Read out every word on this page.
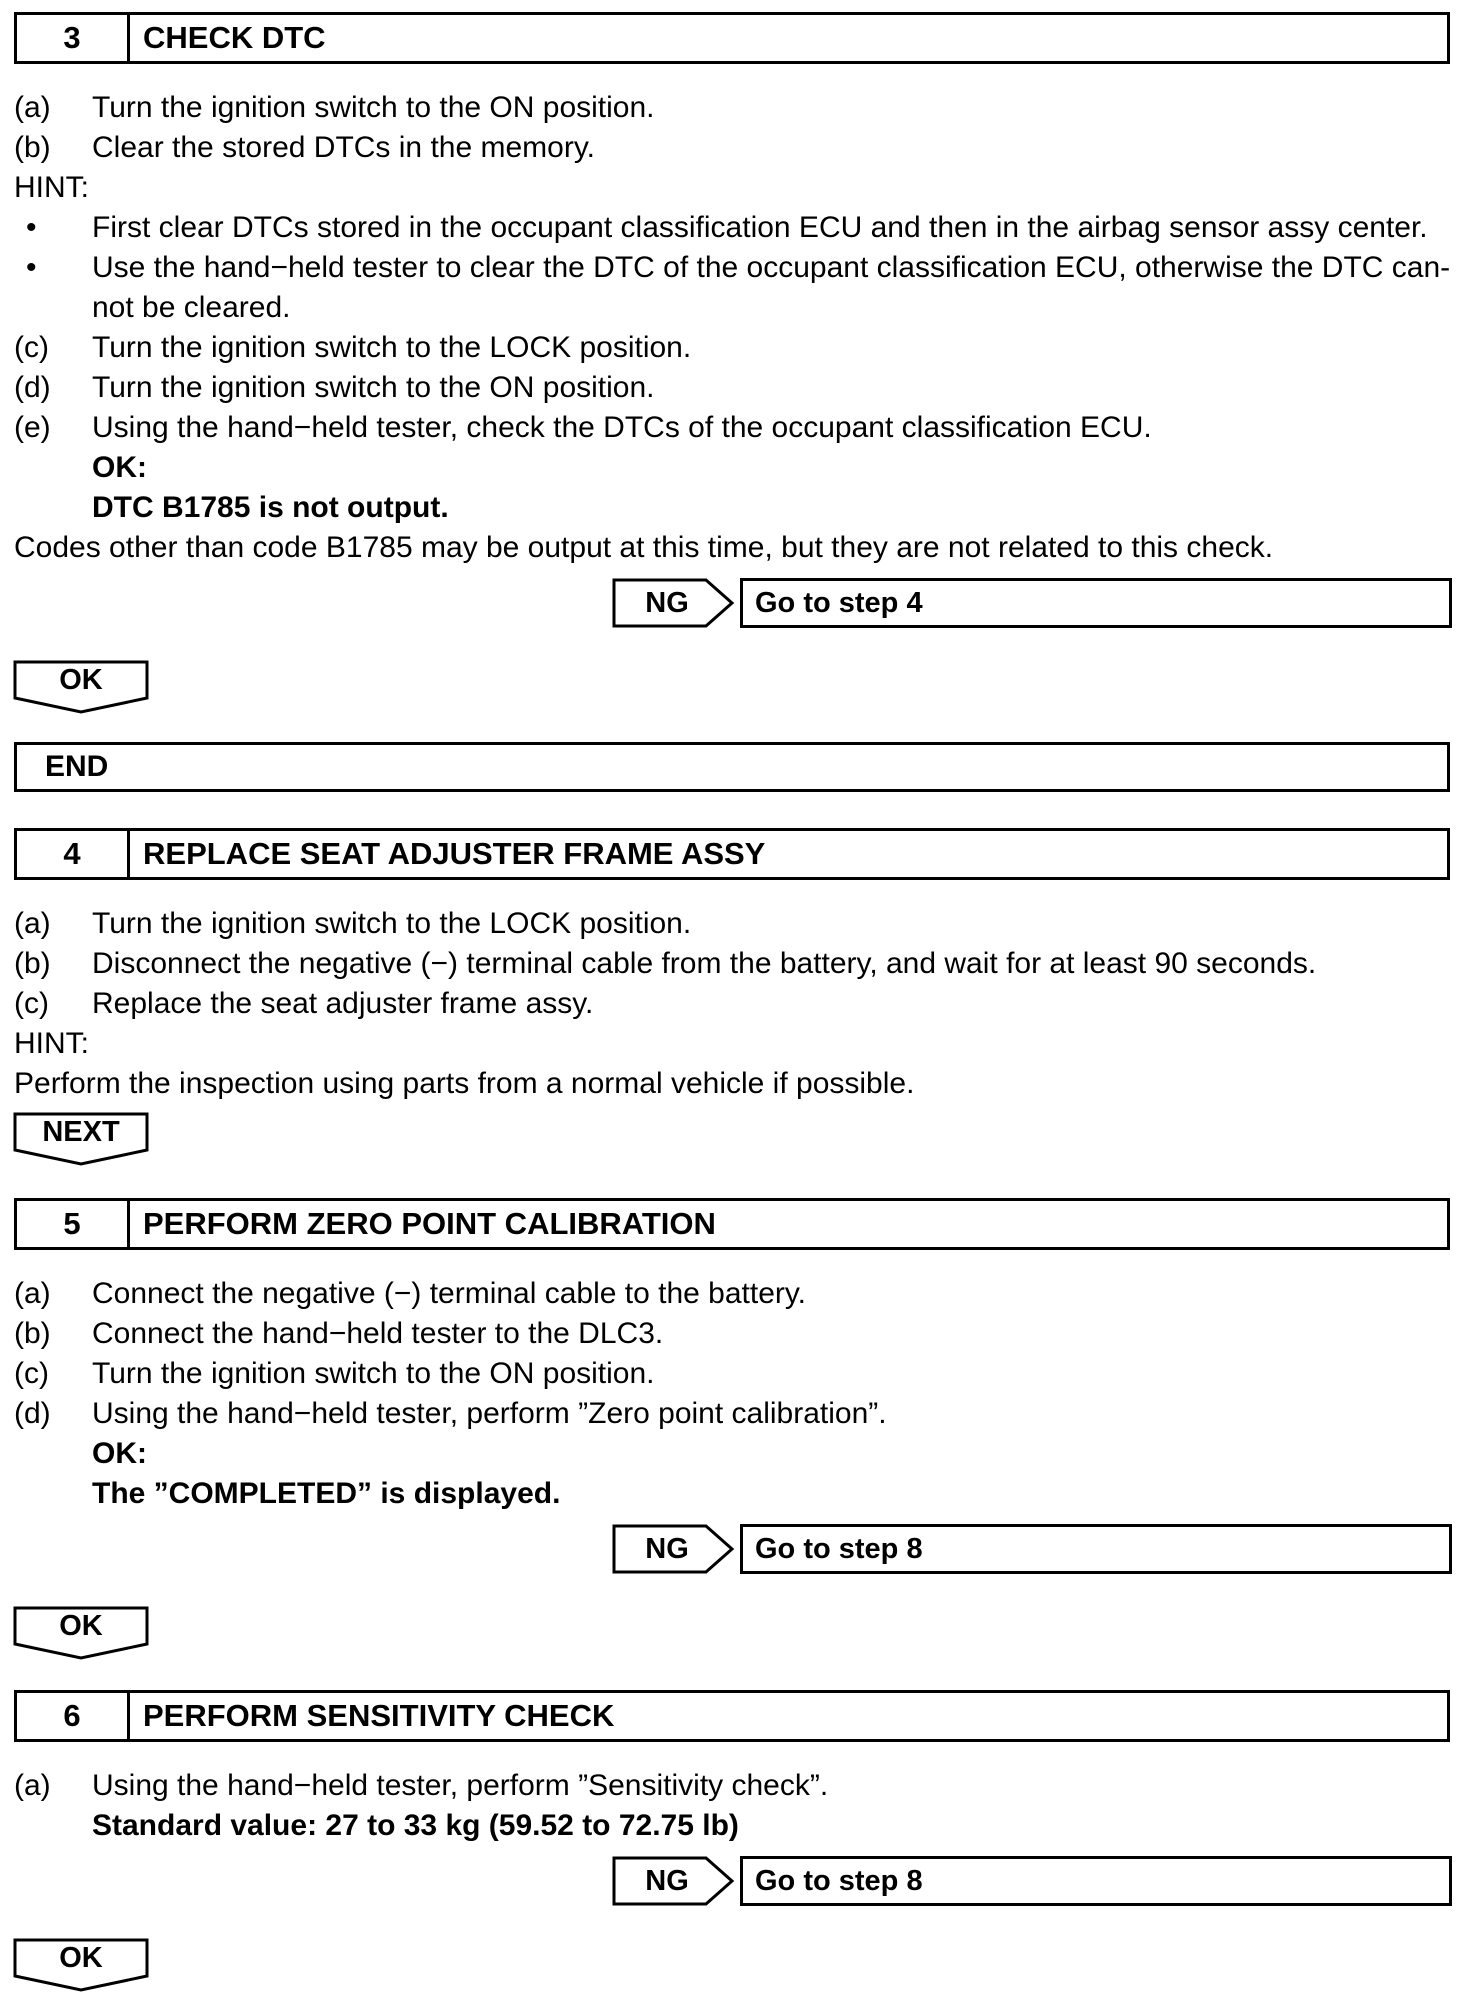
3	CHECK DTC
(a) Turn the ignition switch to the ON position.
(b) Clear the stored DTCs in the memory.
HINT:
• First clear DTCs stored in the occupant classification ECU and then in the airbag sensor assy center.
• Use the hand−held tester to clear the DTC of the occupant classification ECU, otherwise the DTC can-
not be cleared.
(c) Turn the ignition switch to the LOCK position.
(d) Turn the ignition switch to the ON position.
(e) Using the hand−held tester, check the DTCs of the occupant classification ECU.
OK:
DTC B1785 is not output.
Codes other than code B1785 may be output at this time, but they are not related to this check.
NG	Go to step 4
OK
END
4	REPLACE SEAT ADJUSTER FRAME ASSY
(a) Turn the ignition switch to the LOCK position.
(b) Disconnect the negative (−) terminal cable from the battery, and wait for at least 90 seconds.
(c) Replace the seat adjuster frame assy.
HINT:
Perform the inspection using parts from a normal vehicle if possible.
NEXT
5	PERFORM ZERO POINT CALIBRATION
(a) Connect the negative (−) terminal cable to the battery.
(b) Connect the hand−held tester to the DLC3.
(c) Turn the ignition switch to the ON position.
(d) Using the hand−held tester, perform ”Zero point calibration”.
OK:
The ”COMPLETED” is displayed.
NG	Go to step 8
OK
6	PERFORM SENSITIVITY CHECK
(a) Using the hand−held tester, perform ”Sensitivity check”.
Standard value: 27 to 33 kg (59.52 to 72.75 lb)
NG	Go to step 8
OK
